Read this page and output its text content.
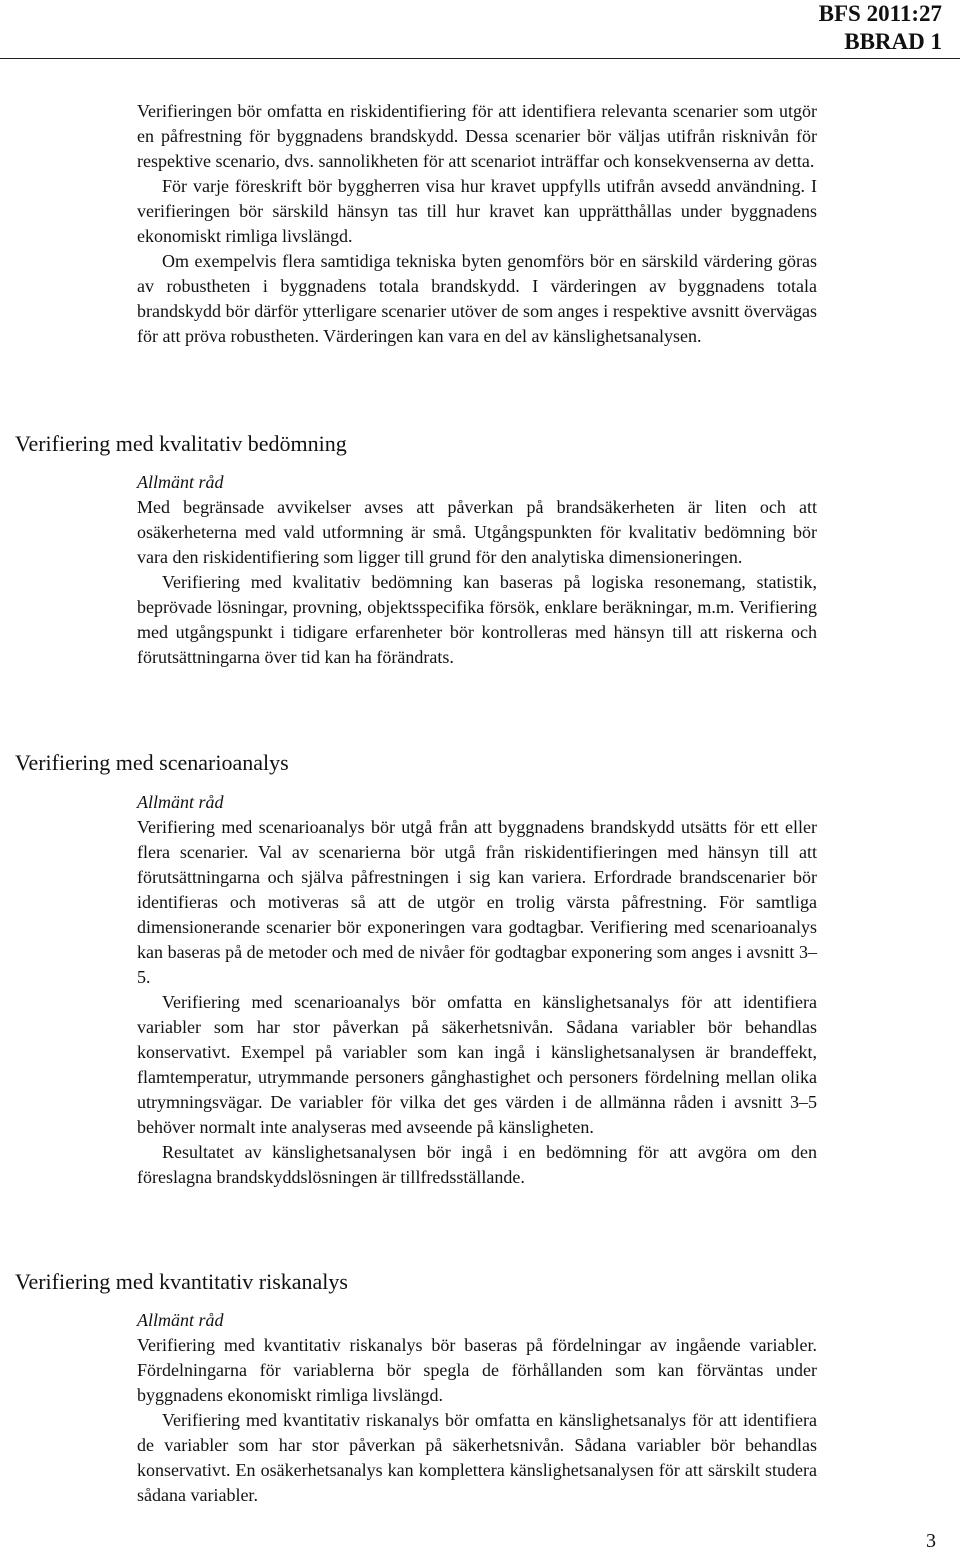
BFS 2011:27
BBRAD 1

Verifieringen bör omfatta en riskidentifiering för att identifiera relevanta scenarier som utgör en påfrestning för byggnadens brandskydd. Dessa scenarier bör väljas utifrån risknivån för respektive scenario, dvs. sannolikheten för att scenariot inträffar och konsekvenserna av detta.

För varje föreskrift bör byggherren visa hur kravet uppfylls utifrån avsedd användning. I verifieringen bör särskild hänsyn tas till hur kravet kan upprätthållas under byggnadens ekonomiskt rimliga livslängd.

Om exempelvis flera samtidiga tekniska byten genomförs bör en särskild värdering göras av robustheten i byggnadens totala brandskydd. I värderingen av byggnadens totala brandskydd bör därför ytterligare scenarier utöver de som anges i respektive avsnitt övervägas för att pröva robustheten. Värderingen kan vara en del av känslighetsanalysen.

Verifiering med kvalitativ bedömning

Allmänt råd

Med begränsade avvikelser avses att påverkan på brandsäkerheten är liten och att osäkerheterna med vald utformning är små. Utgångspunkten för kvalitativ bedömning bör vara den riskidentifiering som ligger till grund för den analytiska dimensioneringen.

Verifiering med kvalitativ bedömning kan baseras på logiska resonemang, statistik, beprövade lösningar, provning, objektsspecifika försök, enklare beräkningar, m.m. Verifiering med utgångspunkt i tidigare erfarenheter bör kontrolleras med hänsyn till att riskerna och förutsättningarna över tid kan ha förändrats.

Verifiering med scenarioanalys

Allmänt råd

Verifiering med scenarioanalys bör utgå från att byggnadens brandskydd utsätts för ett eller flera scenarier. Val av scenarierna bör utgå från riskidentifieringen med hänsyn till att förutsättningarna och själva påfrestningen i sig kan variera. Erfordrade brandscenarier bör identifieras och motiveras så att de utgör en trolig värsta påfrestning. För samtliga dimensionerande scenarier bör exponeringen vara godtagbar. Verifiering med scenarioanalys kan baseras på de metoder och med de nivåer för godtagbar exponering som anges i avsnitt 3–5.

Verifiering med scenarioanalys bör omfatta en känslighetsanalys för att identifiera variabler som har stor påverkan på säkerhetsnivån. Sådana variabler bör behandlas konservativt. Exempel på variabler som kan ingå i känslighetsanalysen är brandeffekt, flamtemperatur, utrymmande personers gånghastighet och personers fördelning mellan olika utrymningsvägar. De variabler för vilka det ges värden i de allmänna råden i avsnitt 3–5 behöver normalt inte analyseras med avseende på känsligheten.

Resultatet av känslighetsanalysen bör ingå i en bedömning för att avgöra om den föreslagna brandskyddslösningen är tillfredsställande.

Verifiering med kvantitativ riskanalys

Allmänt råd

Verifiering med kvantitativ riskanalys bör baseras på fördelningar av ingående variabler. Fördelningarna för variablerna bör spegla de förhållanden som kan förväntas under byggnadens ekonomiskt rimliga livslängd.

Verifiering med kvantitativ riskanalys bör omfatta en känslighetsanalys för att identifiera de variabler som har stor påverkan på säkerhetsnivån. Sådana variabler bör behandlas konservativt. En osäkerhetsanalys kan komplettera känslighetsanalysen för att särskilt studera sådana variabler.

3
